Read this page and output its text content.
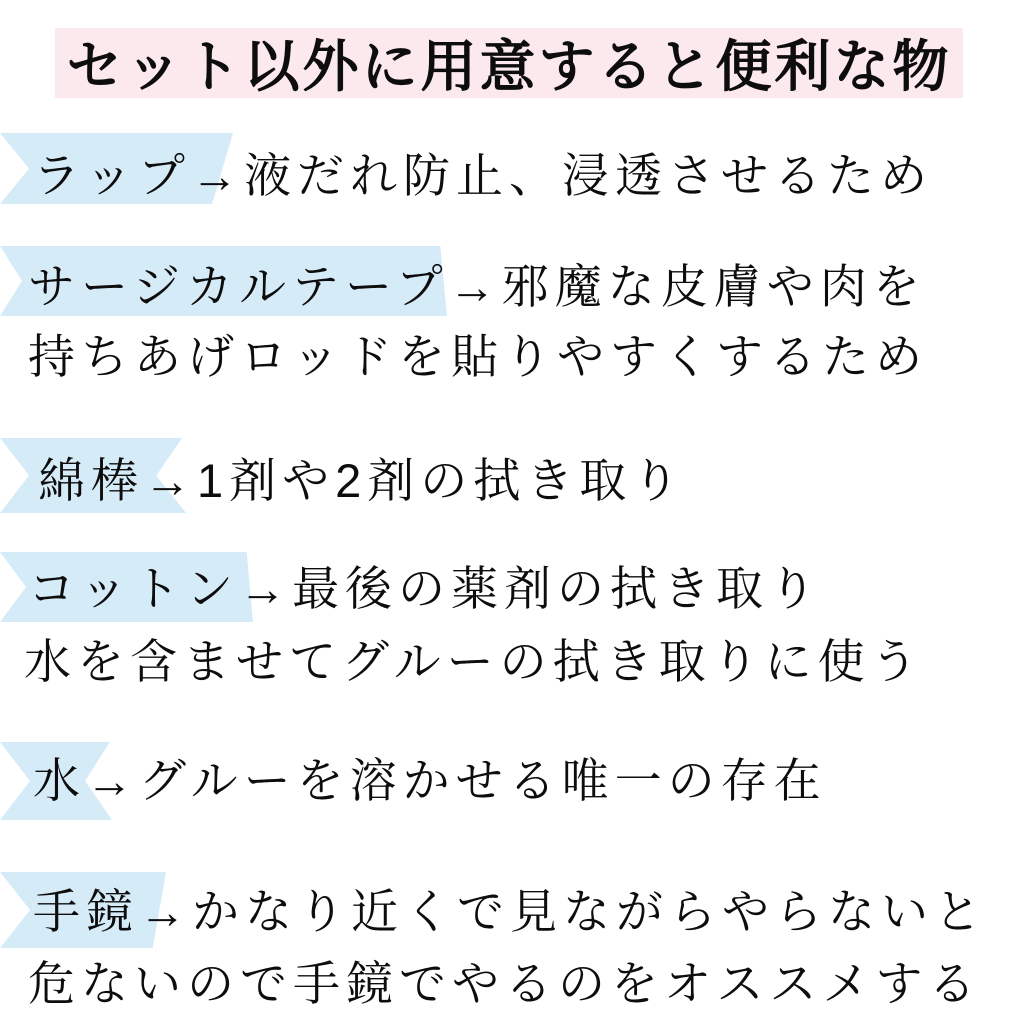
セット以外に用意すると便利な物
ラップ→液だれ防止、浸透させるため
サージカルテープ→邪魔な皮膚や肉を
持ちあげロッドを貼りやすくするため
綿棒→1剤や2剤の拭き取り
コットン→最後の薬剤の拭き取り
水を含ませてグルーの拭き取りに使う
水→グルーを溶かせる唯一の存在
手鏡→かなり近くで見ながらやらないと
危ないので手鏡でやるのをオススメする
